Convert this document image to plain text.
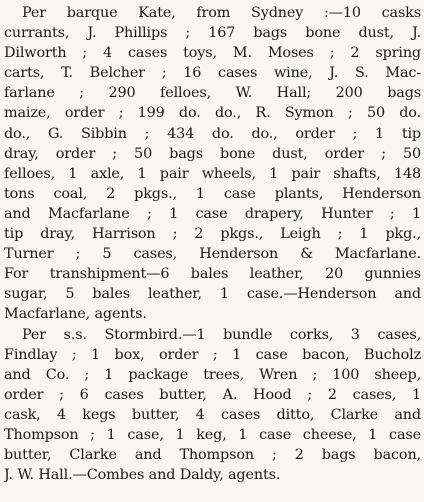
Per barque Kate, from Sydney :—10 casks
currants, J. Phillips ; 167 bags bone dust, J.
Dilworth ; 4 cases toys, M. Moses ; 2 spring
carts, T. Belcher ; 16 cases wine, J. S. Mac-
farlane ; 290 felloes, W. Hall; 200 bags
maize, order ; 199 do. do., R. Symon ; 50 do.
do., G. Sibbin ; 434 do. do., order ; 1 tip
dray, order ; 50 bags bone dust, order ; 50
felloes, 1 axle, 1 pair wheels, 1 pair shafts, 148
tons coal, 2 pkgs., 1 case plants, Henderson
and Macfarlane ; 1 case drapery, Hunter ; 1
tip dray, Harrison ; 2 pkgs., Leigh ; 1 pkg.,
Turner ; 5 cases, Henderson & Macfarlane.
For transhipment—6 bales leather, 20 gunnies
sugar, 5 bales leather, 1 case.—Henderson and
Macfarlane, agents.
Per s.s. Stormbird.—1 bundle corks, 3 cases,
Findlay ; 1 box, order ; 1 case bacon, Bucholz
and Co. ; 1 package trees, Wren ; 100 sheep,
order ; 6 cases butter, A. Hood ; 2 cases, 1
cask, 4 kegs butter, 4 cases ditto, Clarke and
Thompson ; 1 case, 1 keg, 1 case cheese, 1 case
butter, Clarke and Thompson ; 2 bags bacon,
J. W. Hall.—Combes and Daldy, agents.
